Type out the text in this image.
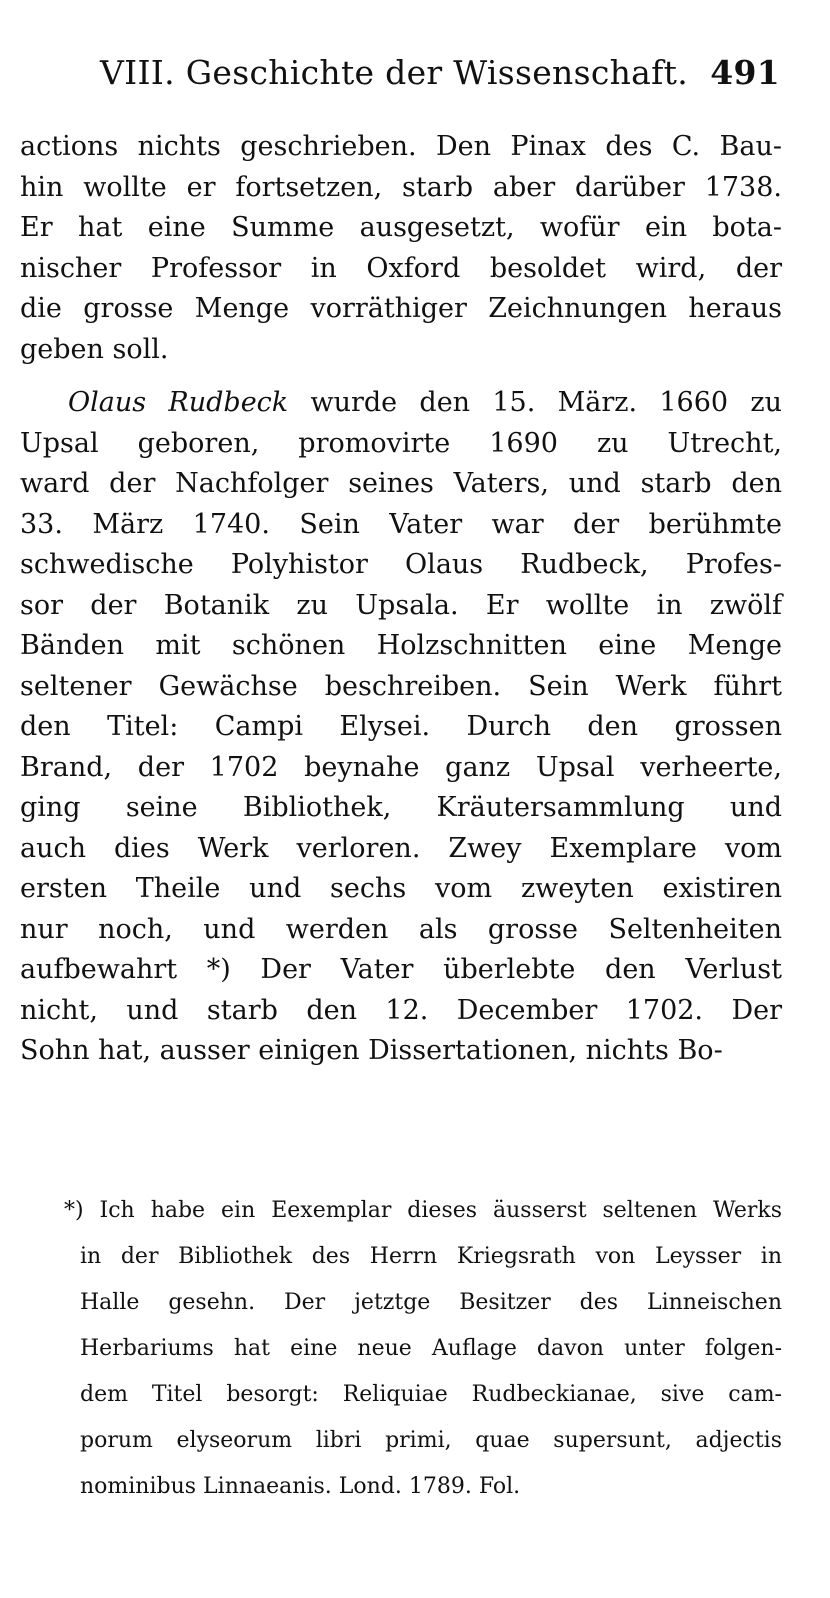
VIII. Geschichte der Wissenschaft. 491
actions nichts geschrieben. Den Pinax des C. Bau-
hin wollte er fortsetzen, starb aber darüber 1738.
Er hat eine Summe ausgesetzt, wofür ein bota-
nischer Professor in Oxford besoldet wird, der
die grosse Menge vorräthiger Zeichnungen heraus
geben soll.
Olaus Rudbeck wurde den 15. März. 1660 zu
Upsal geboren, promovirte 1690 zu Utrecht,
ward der Nachfolger seines Vaters, und starb den
33. März 1740. Sein Vater war der berühmte
schwedische Polyhistor Olaus Rudbeck, Profes-
sor der Botanik zu Upsala. Er wollte in zwölf
Bänden mit schönen Holzschnitten eine Menge
seltener Gewächse beschreiben. Sein Werk führt
den Titel: Campi Elysei. Durch den grossen
Brand, der 1702 beynahe ganz Upsal verheerte,
ging seine Bibliothek, Kräutersammlung und
auch dies Werk verloren. Zwey Exemplare vom
ersten Theile und sechs vom zweyten existiren
nur noch, und werden als grosse Seltenheiten
aufbewahrt *) Der Vater überlebte den Verlust
nicht, und starb den 12. December 1702. Der
Sohn hat, ausser einigen Dissertationen, nichts Bo-
*) Ich habe ein Eexemplar dieses äusserst seltenen Werks
in der Bibliothek des Herrn Kriegsrath von Leysser in
Halle gesehn. Der jetztge Besitzer des Linneischen
Herbariums hat eine neue Auflage davon unter folgen-
dem Titel besorgt: Reliquiae Rudbeckianae, sive cam-
porum elyseorum libri primi, quae supersunt, adjectis
nominibus Linnaeanis. Lond. 1789. Fol.
